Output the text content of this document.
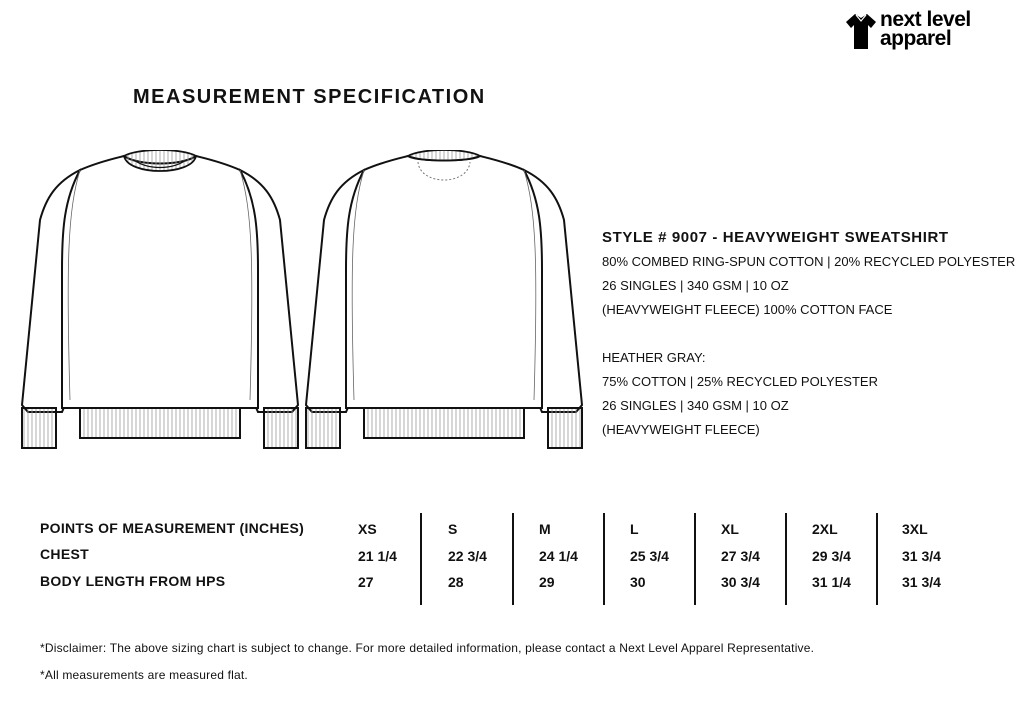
next level
apparel
MEASUREMENT SPECIFICATION
STYLE # 9007 - HEAVYWEIGHT SWEATSHIRT
80% COMBED RING-SPUN COTTON | 20% RECYCLED POLYESTER
26 SINGLES | 340 GSM | 10 OZ
(HEAVYWEIGHT FLEECE) 100% COTTON FACE
HEATHER GRAY:
75% COTTON | 25% RECYCLED POLYESTER
26 SINGLES | 340 GSM | 10 OZ
(HEAVYWEIGHT FLEECE)
POINTS OF MEASUREMENT (INCHES)
CHEST
BODY LENGTH FROM HPS
XS
21 1/4
27
S
22 3/4
28
M
24 1/4
29
L
25 3/4
30
XL
27 3/4
30 3/4
2XL
29 3/4
31 1/4
3XL
31 3/4
31 3/4
*Disclaimer: The above sizing chart is subject to change. For more detailed information, please contact a Next Level Apparel Representative.
*All measurements are measured flat.
